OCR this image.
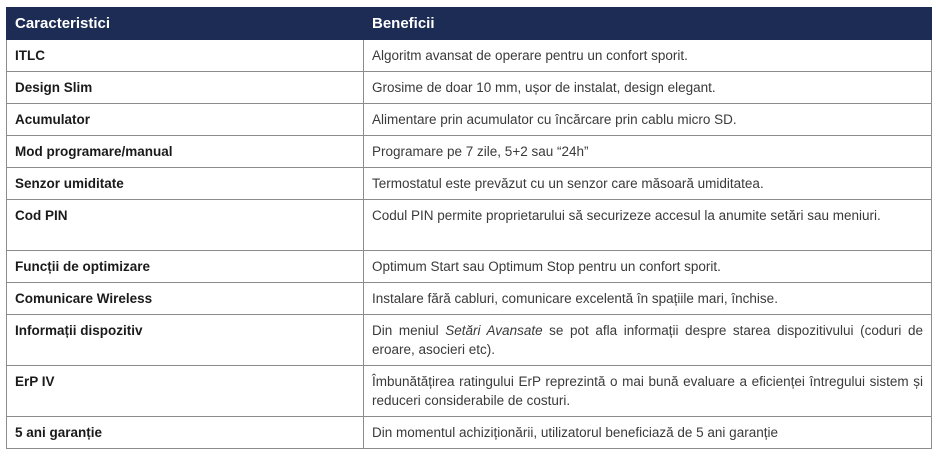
Caracteristici	Beneficii
ITLC	Algoritm avansat de operare pentru un confort sporit.
Design Slim	Grosime de doar 10 mm, ușor de instalat, design elegant.
Acumulator	Alimentare prin acumulator cu încărcare prin cablu micro SD.
Mod programare/manual	Programare pe 7 zile, 5+2 sau “24h”
Senzor umiditate	Termostatul este prevăzut cu un senzor care măsoară umiditatea.
Cod PIN	Codul PIN permite proprietarului să securizeze accesul la anumite setări sau meniuri.
Funcții de optimizare	Optimum Start sau Optimum Stop pentru un confort sporit.
Comunicare Wireless	Instalare fără cabluri, comunicare excelentă în spațiile mari, închise.
Informații dispozitiv	Din meniul Setări Avansate se pot afla informații despre starea dispozitivului (coduri de eroare, asocieri etc).
ErP IV	Îmbunătățirea ratingului ErP reprezintă o mai bună evaluare a eficienței întregului sistem și reduceri considerabile de costuri.
5 ani garanție	Din momentul achiziționării, utilizatorul beneficiază de 5 ani garanție
